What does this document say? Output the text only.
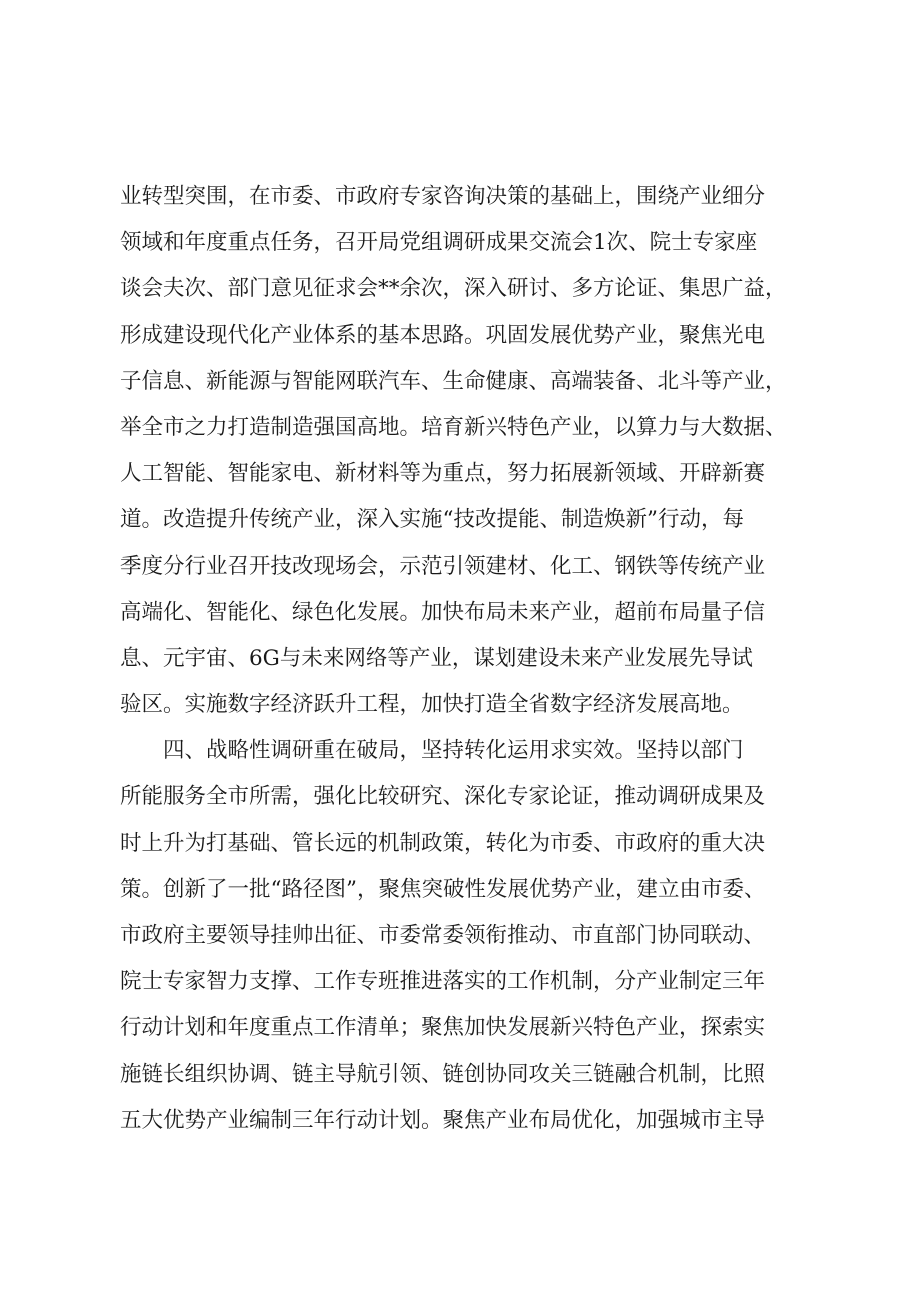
业转型突围，在市委、市政府专家咨询决策的基础上，围绕产业细分
领域和年度重点任务，召开局党组调研成果交流会1次、院士专家座
谈会夫次、部门意见征求会**余次，深入研讨、多方论证、集思广益，
形成建设现代化产业体系的基本思路。巩固发展优势产业，聚焦光电
子信息、新能源与智能网联汽车、生命健康、高端装备、北斗等产业，
举全市之力打造制造强国高地。培育新兴特色产业，以算力与大数据、
人工智能、智能家电、新材料等为重点，努力拓展新领域、开辟新赛
道。改造提升传统产业，深入实施“技改提能、制造焕新”行动，每
季度分行业召开技改现场会，示范引领建材、化工、钢铁等传统产业
高端化、智能化、绿色化发展。加快布局未来产业，超前布局量子信
息、元宇宙、6G与未来网络等产业，谋划建设未来产业发展先导试
验区。实施数字经济跃升工程，加快打造全省数字经济发展高地。
　　四、战略性调研重在破局，坚持转化运用求实效。坚持以部门
所能服务全市所需，强化比较研究、深化专家论证，推动调研成果及
时上升为打基础、管长远的机制政策，转化为市委、市政府的重大决
策。创新了一批“路径图”，聚焦突破性发展优势产业，建立由市委、
市政府主要领导挂帅出征、市委常委领衔推动、市直部门协同联动、
院士专家智力支撑、工作专班推进落实的工作机制，分产业制定三年
行动计划和年度重点工作清单；聚焦加快发展新兴特色产业，探索实
施链长组织协调、链主导航引领、链创协同攻关三链融合机制，比照
五大优势产业编制三年行动计划。聚焦产业布局优化，加强城市主导
